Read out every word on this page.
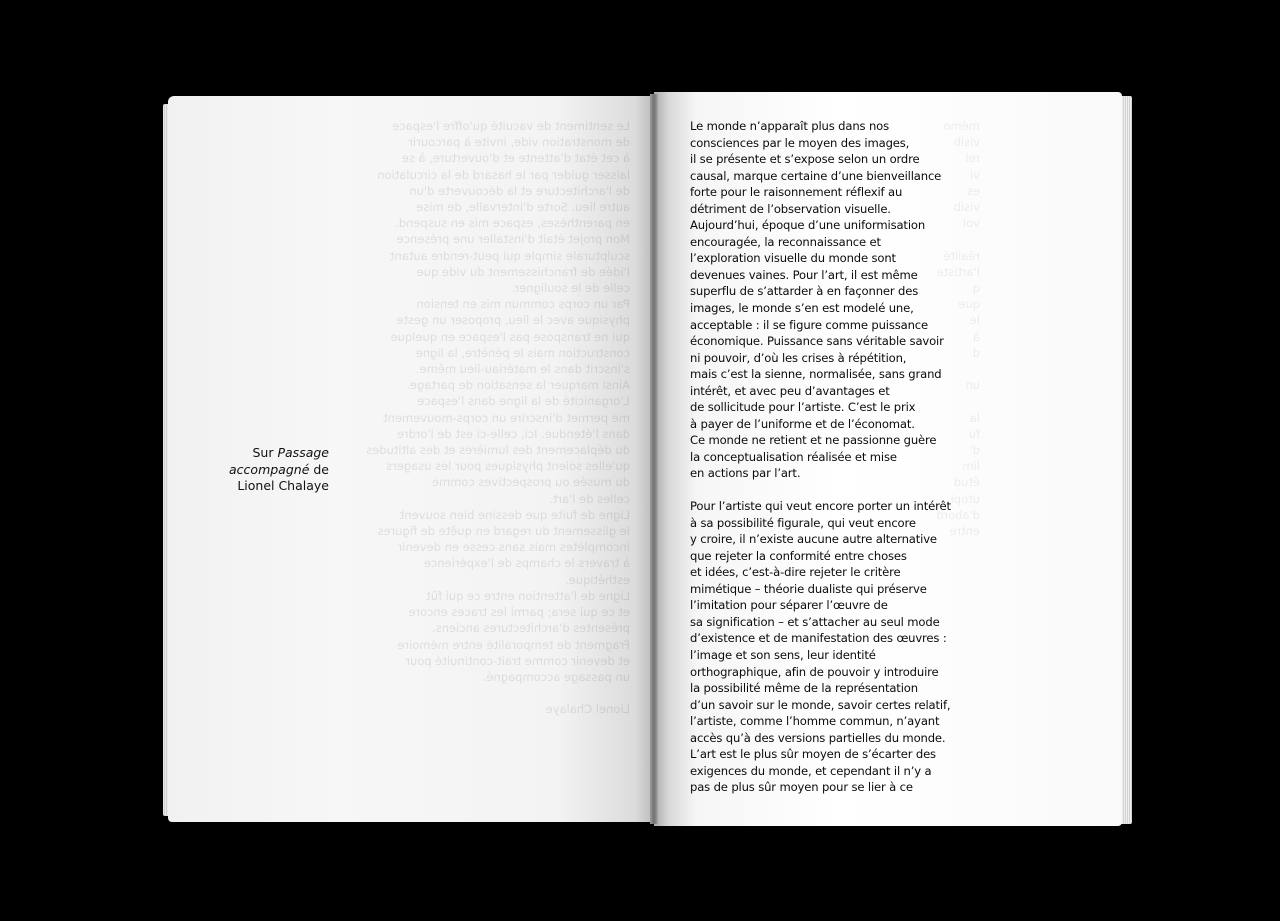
Le sentiment de vacuité qu'offre l'espace
de monstration vide, invite à parcourir
à cet état d'attente et d'ouverture, à se
laisser guider par le hasard de la circulation
de l'architecture et la découverte d'un
autre lieu. Sorte d'intervalle, de mise
en parenthèses, espace mis en suspend.
Mon projet était d'installer une présence
sculpturale simple qui peut-rendre autant
l'idée de franchissement du vide que
celle de le souligner.
Par un corps commun mis en tension
physique avec le lieu, proposer un geste
qui ne transpose pas l'espace en quelque
construction mais le pénètre, la ligne
s'inscrit dans le matériau-lieu même.
Ainsi marquer la sensation de partage.
L'organicité de la ligne dans l'espace
me permet d'inscrire un corps-mouvement
dans l'étendue. Ici, celle-ci est de l'ordre
du déplacement des lumières et des altitudes
qu'elles soient physiques pour les usagers
du musée ou prospectives comme
celles de l'art.
Ligne de fuite que dessine bien souvent
le glissement du regard en quête de figures
incomplètes mais sans cesse en devenir
à travers le champs de l'expérience
esthétique.
Ligne de l'attention entre ce qui fût
et ce qui sera; parmi les traces encore
présentes d'architectures anciens.
Fragment de temporalité entre mémoire
et devenir comme trait-continuité pour
un passage accompagné.

Lionel Chalaye
mémo
visib
rel
vi
es
visib
voi

réalité
l'artiste
q
que
le
à
d

un

la
fu
d'
lim
étud
utopi
d'abord
entre
Sur Passage accompagné de
Lionel Chalaye

Le monde n’apparaît plus dans nos
consciences par le moyen des images,
il se présente et s’expose selon un ordre
causal, marque certaine d’une bienveillance
forte pour le raisonnement réflexif au
détriment de l’observation visuelle.
Aujourd’hui, époque d’une uniformisation
encouragée, la reconnaissance et
l’exploration visuelle du monde sont
devenues vaines. Pour l’art, il est même
superflu de s’attarder à en façonner des
images, le monde s’en est modelé une,
acceptable : il se figure comme puissance
économique. Puissance sans véritable savoir
ni pouvoir, d’où les crises à répétition,
mais c’est la sienne, normalisée, sans grand
intérêt, et avec peu d’avantages et
de sollicitude pour l’artiste. C’est le prix
à payer de l’uniforme et de l’économat.
Ce monde ne retient et ne passionne guère
la conceptualisation réalisée et mise
en actions par l’art.

Pour l’artiste qui veut encore porter un intérêt
à sa possibilité figurale, qui veut encore
y croire, il n’existe aucune autre alternative
que rejeter la conformité entre choses
et idées, c’est-à-dire rejeter le critère
mimétique – théorie dualiste qui préserve
l’imitation pour séparer l’œuvre de
sa signification – et s’attacher au seul mode
d’existence et de manifestation des œuvres :
l’image et son sens, leur identité
orthographique, afin de pouvoir y introduire
la possibilité même de la représentation
d’un savoir sur le monde, savoir certes relatif,
l’artiste, comme l’homme commun, n’ayant
accès qu’à des versions partielles du monde.
L’art est le plus sûr moyen de s’écarter des
exigences du monde, et cependant il n’y a
pas de plus sûr moyen pour se lier à ce
